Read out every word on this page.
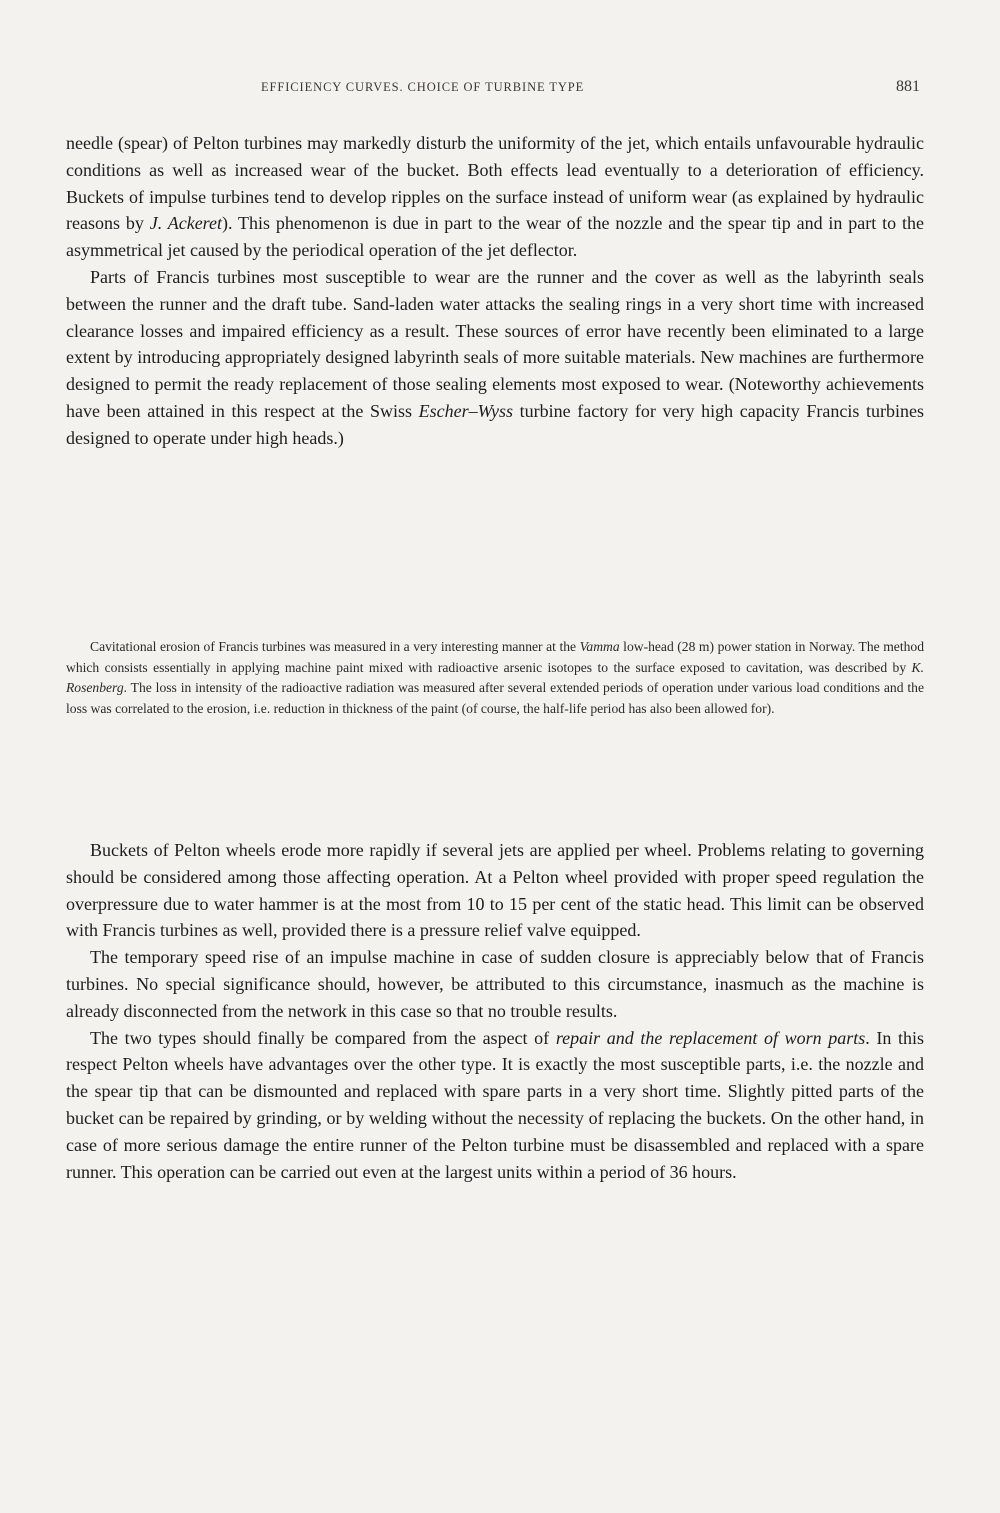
EFFICIENCY CURVES. CHOICE OF TURBINE TYPE	881

needle (spear) of Pelton turbines may markedly disturb the uniformity of the jet, which entails unfavourable hydraulic conditions as well as increased wear of the bucket. Both effects lead eventually to a deterioration of efficiency. Buckets of impulse turbines tend to develop ripples on the surface instead of uniform wear (as explained by hydraulic reasons by J. Ackeret). This phenomenon is due in part to the wear of the nozzle and the spear tip and in part to the asymmetrical jet caused by the periodical operation of the jet deflector.

Parts of Francis turbines most susceptible to wear are the runner and the cover as well as the labyrinth seals between the runner and the draft tube. Sand-laden water attacks the sealing rings in a very short time with increased clearance losses and impaired efficiency as a result. These sources of error have recently been eliminated to a large extent by introducing appropriately designed labyrinth seals of more suitable materials. New machines are furthermore designed to permit the ready replacement of those sealing elements most exposed to wear. (Noteworthy achievements have been attained in this respect at the Swiss Escher–Wyss turbine factory for very high capacity Francis turbines designed to operate under high heads.)

Cavitational erosion of Francis turbines was measured in a very interesting manner at the Vamma low-head (28 m) power station in Norway. The method which consists essentially in applying machine paint mixed with radioactive arsenic isotopes to the surface exposed to cavitation, was described by K. Rosenberg. The loss in intensity of the radioactive radiation was measured after several extended periods of operation under various load conditions and the loss was correlated to the erosion, i.e. reduction in thickness of the paint (of course, the half-life period has also been allowed for).

Buckets of Pelton wheels erode more rapidly if several jets are applied per wheel. Problems relating to governing should be considered among those affecting operation. At a Pelton wheel provided with proper speed regulation the overpressure due to water hammer is at the most from 10 to 15 per cent of the static head. This limit can be observed with Francis turbines as well, provided there is a pressure relief valve equipped.

The temporary speed rise of an impulse machine in case of sudden closure is appreciably below that of Francis turbines. No special significance should, however, be attributed to this circumstance, inasmuch as the machine is already disconnected from the network in this case so that no trouble results.

The two types should finally be compared from the aspect of repair and the replacement of worn parts. In this respect Pelton wheels have advantages over the other type. It is exactly the most susceptible parts, i.e. the nozzle and the spear tip that can be dismounted and replaced with spare parts in a very short time. Slightly pitted parts of the bucket can be repaired by grinding, or by welding without the necessity of replacing the buckets. On the other hand, in case of more serious damage the entire runner of the Pelton turbine must be disassembled and replaced with a spare runner. This operation can be carried out even at the largest units within a period of 36 hours.
